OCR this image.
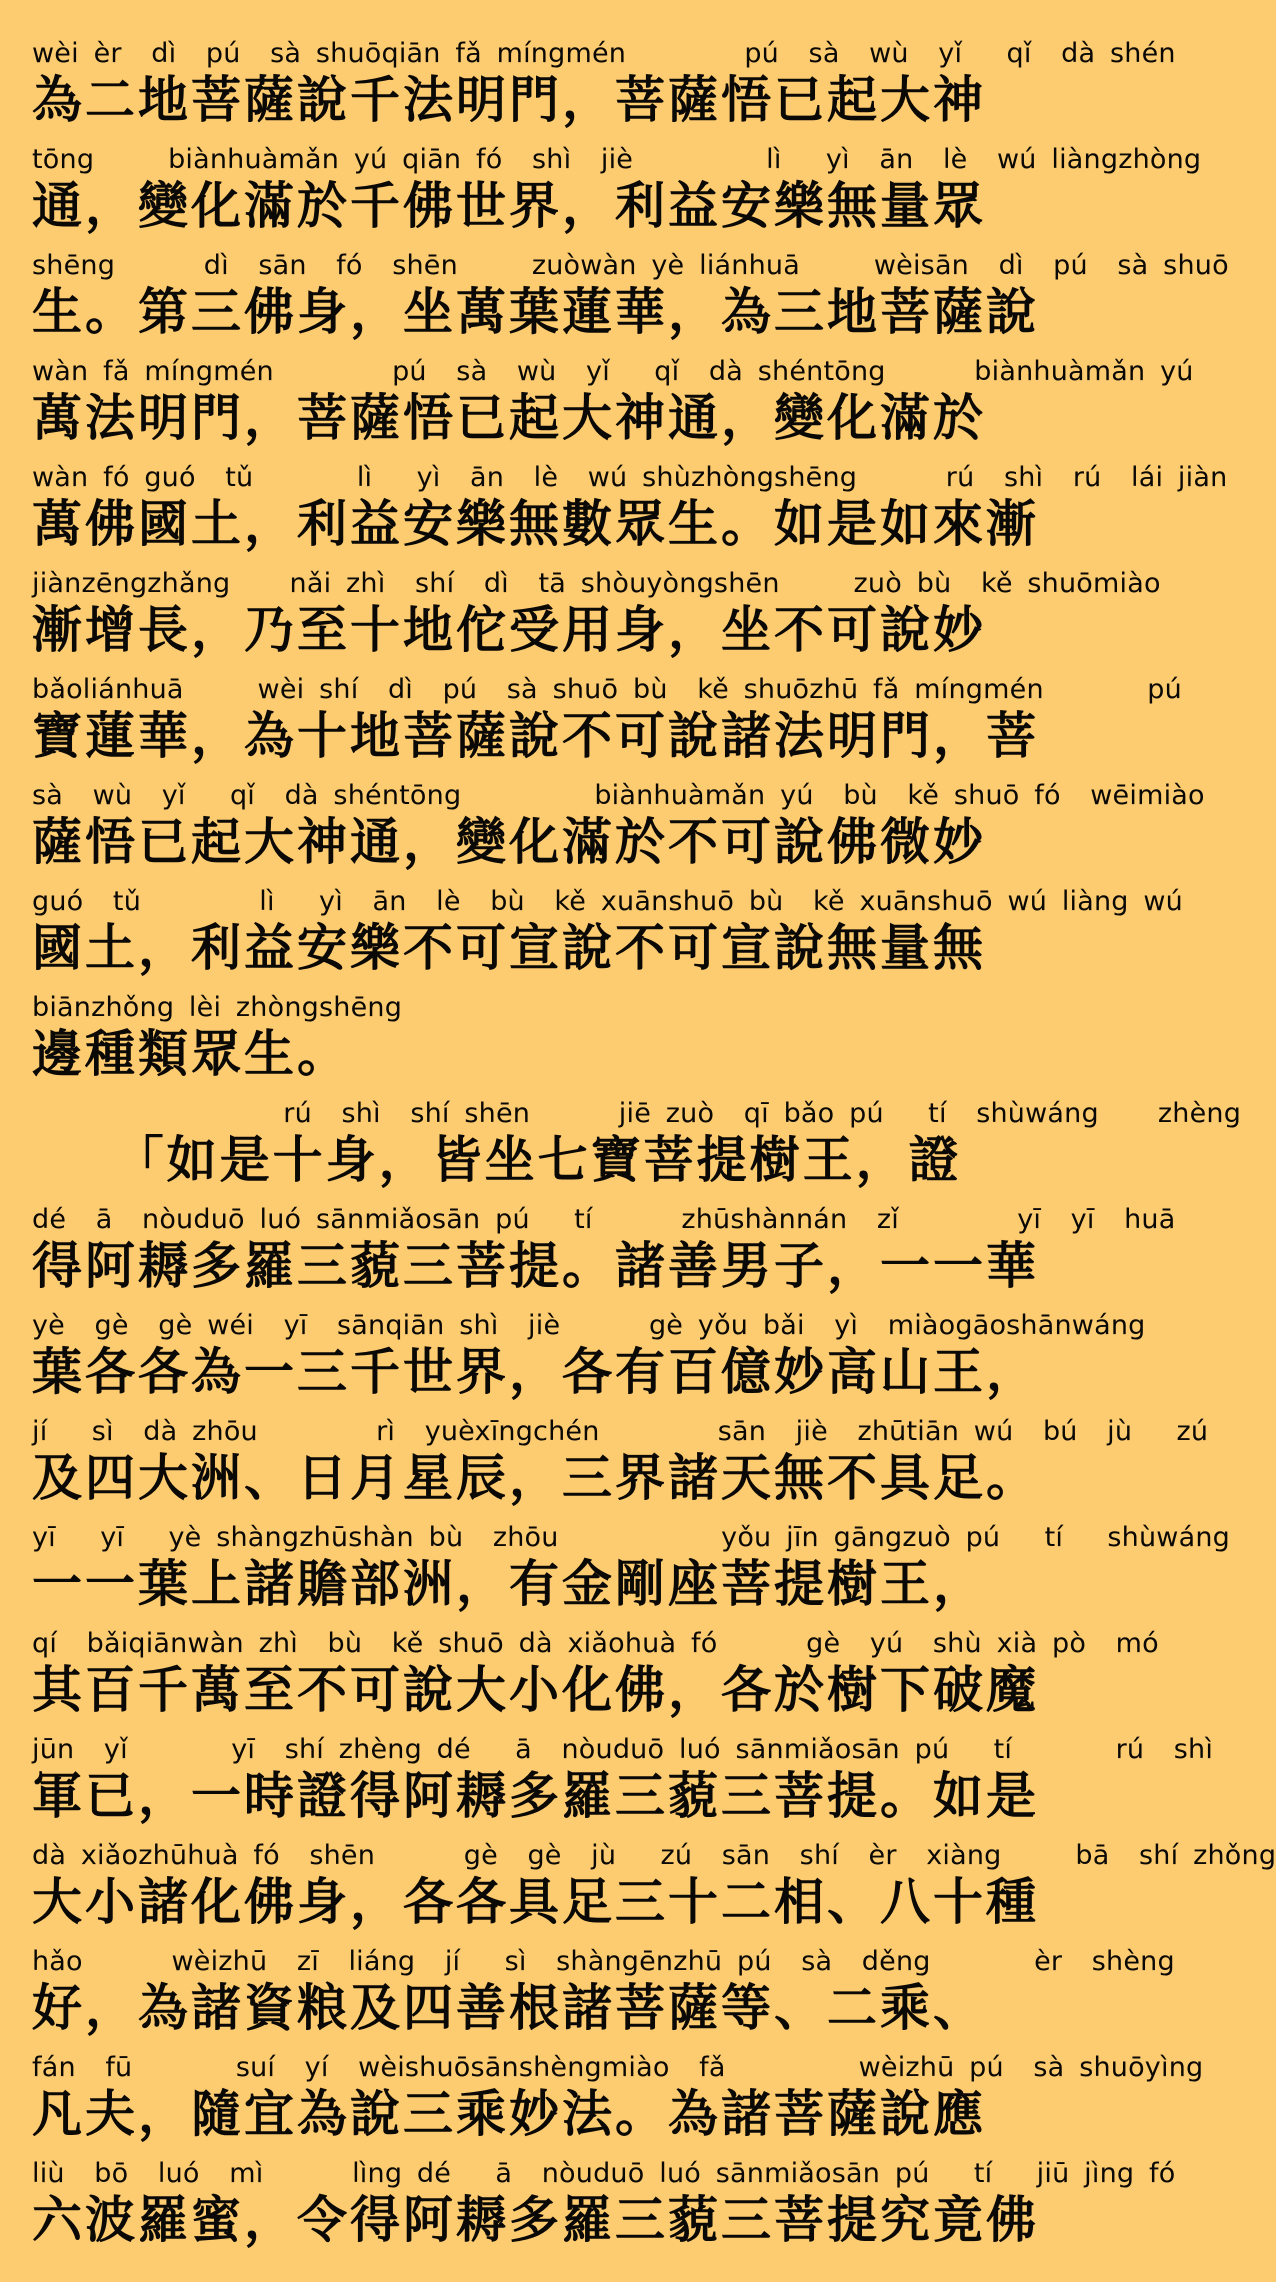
wèi èr  dì  pú  sà shuōqiān fǎ míngmén        pú  sà  wù  yǐ   qǐ  dà shén
為二地菩薩說千法明門，菩薩悟已起大神
tōng     biànhuàmǎn yú qiān fó  shì  jiè         lì   yì  ān  lè  wú liàngzhòng
通，變化滿於千佛世界，利益安樂無量眾
shēng      dì  sān  fó  shēn     zuòwàn yè liánhuā     wèisān  dì  pú  sà shuō
生。第三佛身，坐萬葉蓮華，為三地菩薩說
wàn fǎ míngmén        pú  sà  wù  yǐ   qǐ  dà shéntōng      biànhuàmǎn yú
萬法明門，菩薩悟已起大神通，變化滿於
wàn fó guó  tǔ       lì   yì  ān  lè  wú shùzhòngshēng      rú  shì  rú  lái jiàn
萬佛國土，利益安樂無數眾生。如是如來漸
jiànzēngzhǎng    nǎi zhì  shí  dì  tā shòuyòngshēn     zuò bù  kě shuōmiào
漸增長，乃至十地佗受用身，坐不可說妙
bǎoliánhuā     wèi shí  dì  pú  sà shuō bù  kě shuōzhū fǎ míngmén       pú
寶蓮華，為十地菩薩說不可說諸法明門，菩
sà  wù  yǐ   qǐ  dà shéntōng         biànhuàmǎn yú  bù  kě shuō fó  wēimiào
薩悟已起大神通，變化滿於不可說佛微妙
guó  tǔ        lì   yì  ān  lè  bù  kě xuānshuō bù  kě xuānshuō wú liàng wú
國土，利益安樂不可宣說不可宣說無量無
biānzhǒng lèi zhòngshēng
邊種類眾生。
rú  shì  shí shēn      jiē zuò  qī bǎo pú   tí  shùwáng    zhèng
「如是十身，皆坐七寶菩提樹王，證
dé  ā  nòuduō luó sānmiǎosān pú   tí      zhūshànnán  zǐ        yī  yī  huā
得阿耨多羅三藐三菩提。諸善男子，一一華
yè  gè  gè wéi  yī  sānqiān shì  jiè      gè yǒu bǎi  yì  miàogāoshānwáng
葉各各為一三千世界，各有百億妙高山王，
jí   sì  dà zhōu        rì  yuèxīngchén        sān  jiè  zhūtiān wú  bú  jù   zú
及四大洲、日月星辰，三界諸天無不具足。
yī   yī   yè shàngzhūshàn bù  zhōu           yǒu jīn gāngzuò pú   tí   shùwáng
一一葉上諸贍部洲，有金剛座菩提樹王，
qí  bǎiqiānwàn zhì  bù  kě shuō dà xiǎohuà fó      gè  yú  shù xià pò  mó
其百千萬至不可說大小化佛，各於樹下破魔
jūn  yǐ       yī  shí zhèng dé   ā  nòuduō luó sānmiǎosān pú   tí       rú  shì
軍已，一時證得阿耨多羅三藐三菩提。如是
dà xiǎozhūhuà fó  shēn      gè  gè  jù   zú  sān  shí  èr  xiàng     bā  shí zhǒng
大小諸化佛身，各各具足三十二相、八十種
hǎo      wèizhū  zī  liáng  jí   sì  shàngēnzhū pú  sà  děng       èr  shèng
好，為諸資粮及四善根諸菩薩等、二乘、
fán  fū       suí  yí  wèishuōsānshèngmiào  fǎ         wèizhū pú  sà shuōyìng
凡夫，隨宜為說三乘妙法。為諸菩薩說應
liù  bō  luó  mì      lìng dé   ā  nòuduō luó sānmiǎosān pú   tí   jiū jìng fó
六波羅蜜，令得阿耨多羅三藐三菩提究竟佛
